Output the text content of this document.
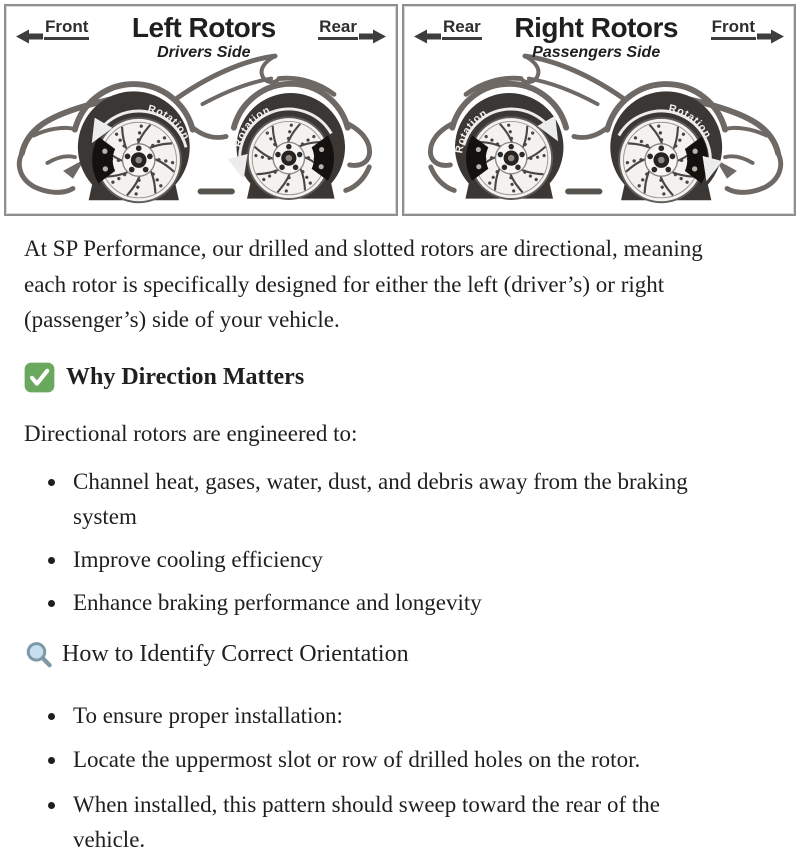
Front Left Rotors
Drivers Side
Rear
Rotation
Rotation
Rear Right Rotors
Passengers Side
Front
Rotation	Rotation

At SP Performance, our drilled and slotted rotors are directional, meaning each rotor is specifically designed for either the left (driver’s) or right (passenger’s) side of your vehicle.

Why Direction Matters

Directional rotors are engineered to:

• Channel heat, gases, water, dust, and debris away from the braking system
• Improve cooling efficiency
• Enhance braking performance and longevity
How to Identify Correct Orientation
• To ensure proper installation:
• Locate the uppermost slot or row of drilled holes on the rotor.
• When installed, this pattern should sweep toward the rear of the vehicle.
